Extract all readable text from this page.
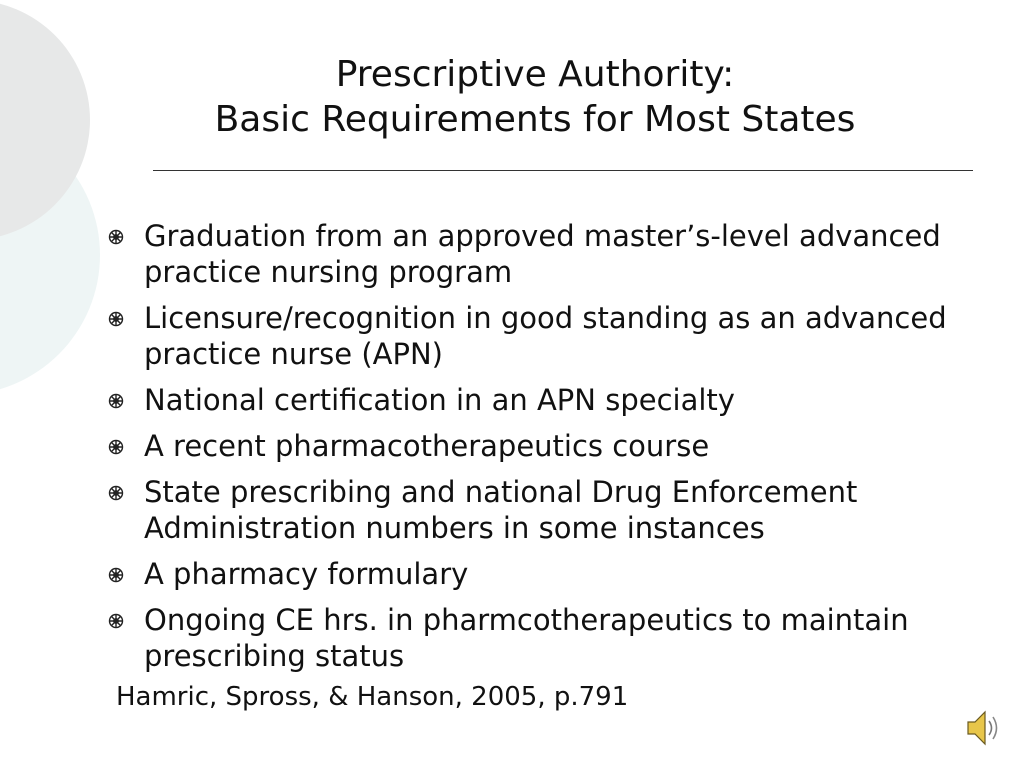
Prescriptive Authority:
Basic Requirements for Most States
Graduation from an approved master’s-level advanced practice nursing program
Licensure/recognition in good standing as an advanced practice nurse (APN)
National certification in an APN specialty
A recent pharmacotherapeutics course
State prescribing and national Drug Enforcement Administration numbers in some instances
A pharmacy formulary
Ongoing CE hrs. in pharmcotherapeutics to maintain prescribing status
Hamric, Spross, & Hanson, 2005, p.791
